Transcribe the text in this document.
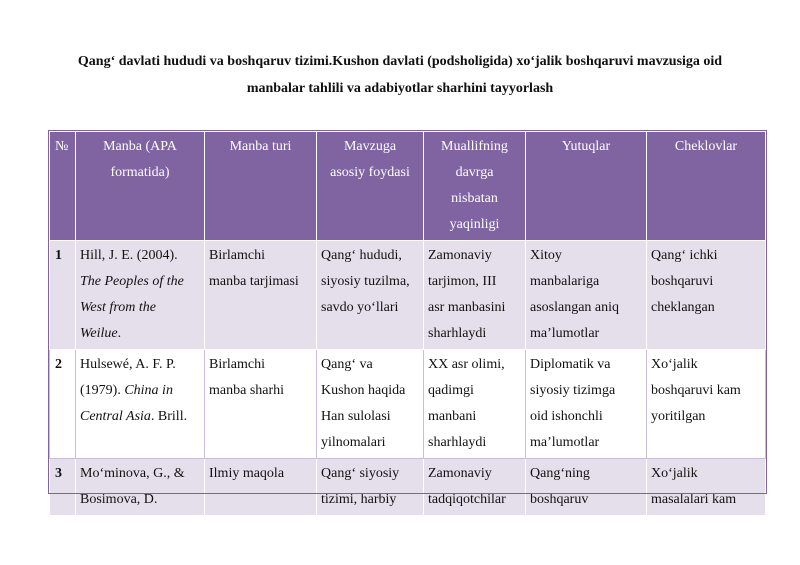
Qang‘ davlati hududi va boshqaruv tizimi.Kushon davlati (podsholigida) xo‘jalik boshqaruvi mavzusiga oid
manbalar tahlili va adabiyotlar sharhini tayyorlash
№	Manba (APA
formatida)	Manba turi	Mavzuga
asosiy foydasi	Muallifning
davrga
nisbatan
yaqinligi	Yutuqlar	Cheklovlar

1	Hill, J. E. (2004).
The Peoples of the
West from the
Weilue.	Birlamchi
manba tarjimasi	Qang‘ hududi,
siyosiy tuzilma,
savdo yo‘llari	Zamonaviy
tarjimon, III
asr manbasini
sharhlaydi	Xitoy
manbalariga
asoslangan aniq
ma’lumotlar	Qang‘ ichki
boshqaruvi
cheklangan

2	Hulsewé, A. F. P.
(1979). China in
Central Asia. Brill.	Birlamchi
manba sharhi	Qang‘ va
Kushon haqida
Han sulolasi
yilnomalari	XX asr olimi,
qadimgi
manbani
sharhlaydi	Diplomatik va
siyosiy tizimga
oid ishonchli
ma’lumotlar	Xo‘jalik
boshqaruvi kam
yoritilgan

3	Mo‘minova, G., &
Bosimova, D.	Ilmiy maqola	Qang‘ siyosiy
tizimi, harbiy	Zamonaviy
tadqiqotchilar	Qang‘ning
boshqaruv	Xo‘jalik
masalalari kam
